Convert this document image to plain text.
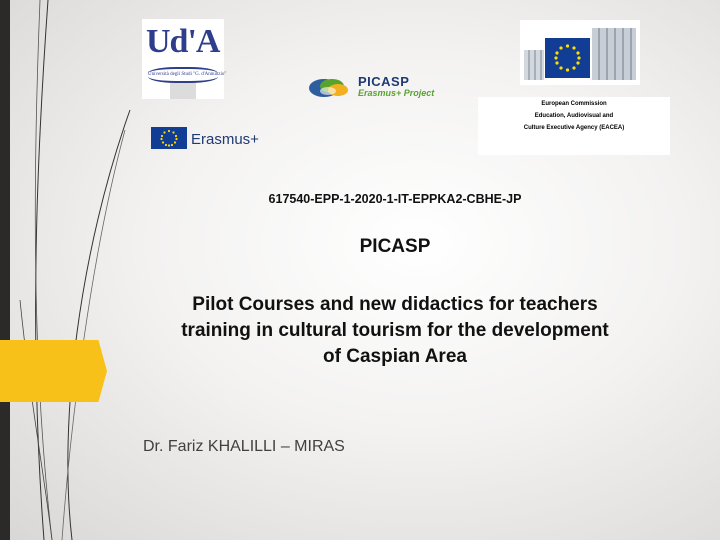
Ud'A
Università degli Studi "G. d'Annunzio"	PICASP
Erasmus+ Project
European Commission
Education, Audiovisual and
Culture Executive Agency (EACEA)
Erasmus+
617540-EPP-1-2020-1-IT-EPPKA2-CBHE-JP
PICASP
Pilot Courses and new didactics for teachers
training in cultural tourism for the development
of Caspian Area
Dr. Fariz KHALILLI – MIRAS
